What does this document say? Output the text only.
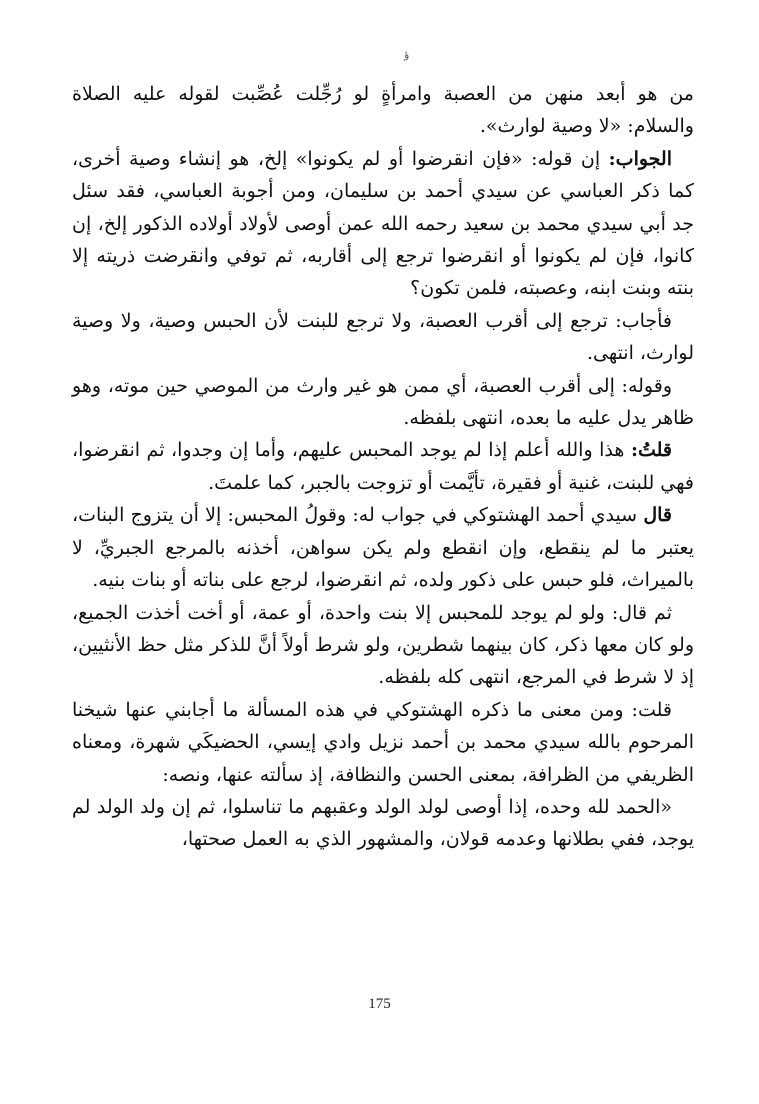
ؤ

من هو أبعد منهن من العصبة وامرأةٍ لو رُجِّلت عُصِّبت لقوله عليه الصلاة والسلام: «لا وصية لوارث».

الجواب: إن قوله: «فإن انقرضوا أو لم يكونوا» إلخ، هو إنشاء وصية أخرى، كما ذكر العباسي عن سيدي أحمد بن سليمان، ومن أجوبة العباسي، فقد سئل جد أبي سيدي محمد بن سعيد رحمه الله عمن أوصى لأولاد أولاده الذكور إلخ، إن كانوا، فإن لم يكونوا أو انقرضوا ترجع إلى أقاربه، ثم توفي وانقرضت ذريته إلا بنته وبنت ابنه، وعصبته، فلمن تكون؟

فأجاب: ترجع إلى أقرب العصبة، ولا ترجع للبنت لأن الحبس وصية، ولا وصية لوارث، انتهى.

وقوله: إلى أقرب العصبة، أي ممن هو غير وارث من الموصي حين موته، وهو ظاهر يدل عليه ما بعده، انتهى بلفظه.

قلتُ: هذا والله أعلم إذا لم يوجد المحبس عليهم، وأما إن وجدوا، ثم انقرضوا، فهي للبنت، غنية أو فقيرة، تأيَّمت أو تزوجت بالجبر، كما علمتَ.

قال سيدي أحمد الهشتوكي في جواب له: وقولُ المحبس: إلا أن يتزوج البنات، يعتبر ما لم ينقطع، وإن انقطع ولم يكن سواهن، أخذنه بالمرجع الجبريِّ، لا بالميراث، فلو حبس على ذكور ولده، ثم انقرضوا، لرجع على بناته أو بنات بنيه.

ثم قال: ولو لم يوجد للمحبس إلا بنت واحدة، أو عمة، أو أخت أخذت الجميع، ولو كان معها ذكر، كان بينهما شطرين، ولو شرط أولاً أنَّ للذكر مثل حظ الأنثيين، إذ لا شرط في المرجع، انتهى كله بلفظه.

قلت: ومن معنى ما ذكره الهشتوكي في هذه المسألة ما أجابني عنها شيخنا المرحوم بالله سيدي محمد بن أحمد نزيل وادي إيسي، الحضيكَي شهرة، ومعناه الظريفي من الظرافة، بمعنى الحسن والنظافة، إذ سألته عنها، ونصه:

«الحمد لله وحده، إذا أوصى لولد الولد وعقبهم ما تناسلوا، ثم إن ولد الولد لم يوجد، ففي بطلانها وعدمه قولان، والمشهور الذي به العمل صحتها،

175
